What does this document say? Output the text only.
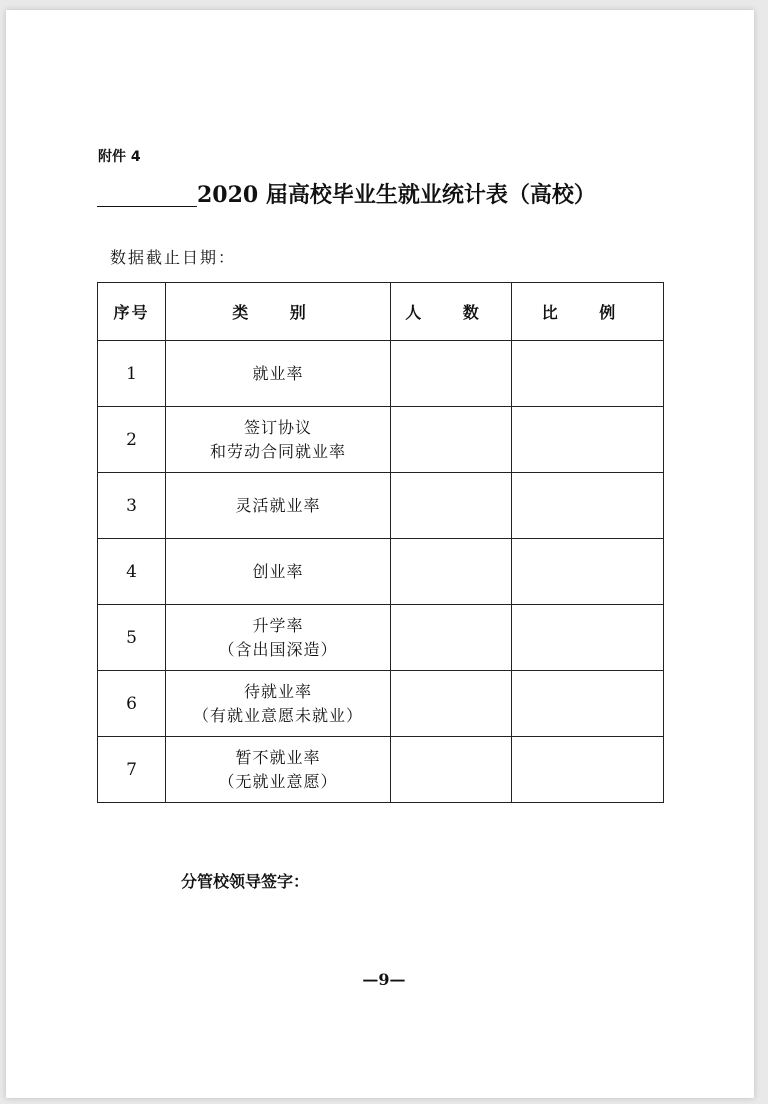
附件 4
2020 届高校毕业生就业统计表（高校）
数据截止日期：
序号	类 别	人 数	比 例
1	就业率		

2	签订协议
和劳动合同就业率		

3	灵活就业率		

4	创业率		

5	升学率
（含出国深造）		

6	待就业率
（有就业意愿未就业）		

7	暂不就业率
（无就业意愿）		

分管校领导签字：
—9—
